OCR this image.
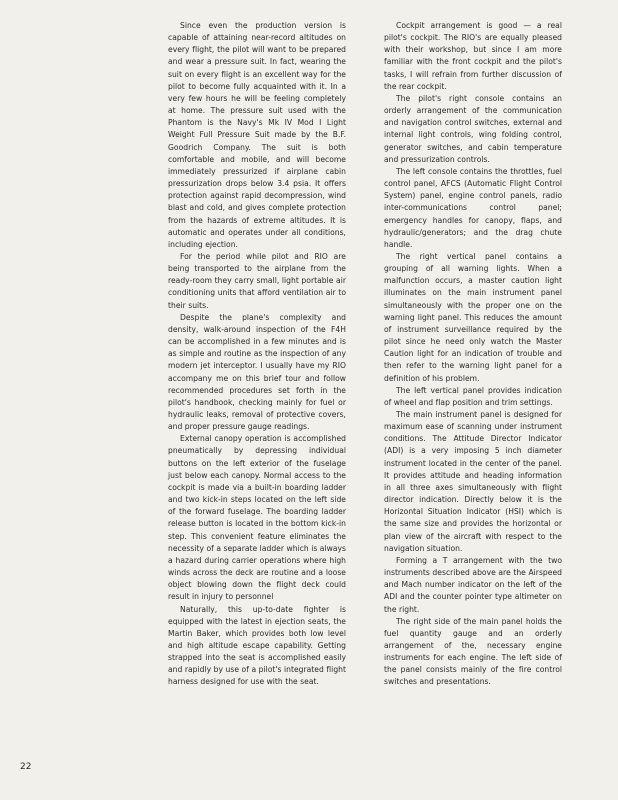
Since even the production version is capable of attaining near-record altitudes on every flight, the pilot will want to be prepared and wear a pressure suit. In fact, wearing the suit on every flight is an excellent way for the pilot to become fully acquainted with it. In a very few hours he will be feeling completely at home. The pressure suit used with the Phantom is the Navy's Mk IV Mod I Light Weight Full Pressure Suit made by the B.F. Goodrich Company. The suit is both comfortable and mobile, and will become immediately pressurized if airplane cabin pressurization drops below 3.4 psia. It offers protection against rapid decompression, wind blast and cold, and gives complete protection from the hazards of extreme altitudes. It is automatic and operates under all conditions, including ejection.

For the period while pilot and RIO are being transported to the airplane from the ready-room they carry small, light portable air conditioning units that afford ventilation air to their suits.

Despite the plane's complexity and density, walk-around inspection of the F4H can be accomplished in a few minutes and is as simple and routine as the inspection of any modern jet interceptor. I usually have my RIO accompany me on this brief tour and follow recommended procedures set forth in the pilot's handbook, checking mainly for fuel or hydraulic leaks, removal of protective covers, and proper pressure gauge readings.

External canopy operation is accomplished pneumatically by depressing individual buttons on the left exterior of the fuselage just below each canopy. Normal access to the cockpit is made via a built-in boarding ladder and two kick-in steps located on the left side of the forward fuselage. The boarding ladder release button is located in the bottom kick-in step. This convenient feature eliminates the necessity of a separate ladder which is always a hazard during carrier operations where high winds across the deck are routine and a loose object blowing down the flight deck could result in injury to personnel

Naturally, this up-to-date fighter is equipped with the latest in ejection seats, the Martin Baker, which provides both low level and high altitude escape capability. Getting strapped into the seat is accomplished easily and rapidly by use of a pilot's integrated flight harness designed for use with the seat.

Cockpit arrangement is good — a real pilot's cockpit. The RIO's are equally pleased with their workshop, but since I am more familiar with the front cockpit and the pilot's tasks, I will refrain from further discussion of the rear cockpit.

The pilot's right console contains an orderly arrangement of the communication and navigation control switches, external and internal light controls, wing folding control, generator switches, and cabin temperature and pressurization controls.

The left console contains the throttles, fuel control panel, AFCS (Automatic Flight Control System) panel, engine control panels, radio inter-communications control panel; emergency handles for canopy, flaps, and hydraulic/generators; and the drag chute handle.

The right vertical panel contains a grouping of all warning lights. When a malfunction occurs, a master caution light illuminates on the main instrument panel simultaneously with the proper one on the warning light panel. This reduces the amount of instrument surveillance required by the pilot since he need only watch the Master Caution light for an indication of trouble and then refer to the warning light panel for a definition of his problem.

The left vertical panel provides indication of wheel and flap position and trim settings.

The main instrument panel is designed for maximum ease of scanning under instrument conditions. The Attitude Director Indicator (ADI) is a very imposing 5 inch diameter instrument located in the center of the panel. It provides attitude and heading information in all three axes simultaneously with flight director indication. Directly below it is the Horizontal Situation Indicator (HSI) which is the same size and provides the horizontal or plan view of the aircraft with respect to the navigation situation.

Forming a T arrangement with the two instruments described above are the Airspeed and Mach number indicator on the left of the ADI and the counter pointer type altimeter on the right.

The right side of the main panel holds the fuel quantity gauge and an orderly arrangement of the, necessary engine instruments for each engine. The left side of the panel consists mainly of the fire control switches and presentations.

22
